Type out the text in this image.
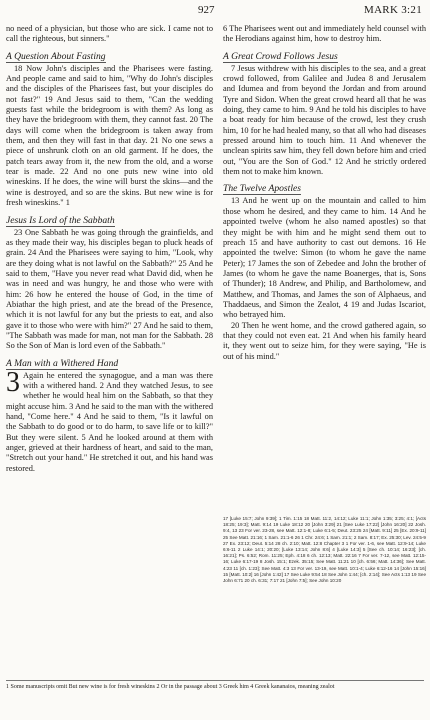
927	MARK 3:21

no need of a physician, but those who are sick. I came not to call the righteous, but sinners."

A Question About Fasting

18 Now John's disciples and the Pharisees were fasting. And people came and said to him, "Why do John's disciples and the disciples of the Pharisees fast, but your disciples do not fast?" 19 And Jesus said to them, "Can the wedding guests fast while the bridegroom is with them? As long as they have the bridegroom with them, they cannot fast. 20 The days will come when the bridegroom is taken away from them, and then they will fast in that day. 21 No one sews a piece of unshrunk cloth on an old garment. If he does, the patch tears away from it, the new from the old, and a worse tear is made. 22 And no one puts new wine into old wineskins. If he does, the wine will burst the skins—and the wine is destroyed, and so are the skins. But new wine is for fresh wineskins." 1

Jesus Is Lord of the Sabbath

23 One Sabbath he was going through the grainfields, and as they made their way, his disciples began to pluck heads of grain. 24 And the Pharisees were saying to him, "Look, why are they doing what is not lawful on the Sabbath?" 25 And he said to them, "Have you never read what David did, when he was in need and was hungry, he and those who were with him: 26 how he entered the house of God, in the time of Abiathar the high priest, and ate the bread of the Presence, which it is not lawful for any but the priests to eat, and also gave it to those who were with him?" 27 And he said to them, "The Sabbath was made for man, not man for the Sabbath. 28 So the Son of Man is lord even of the Sabbath."

A Man with a Withered Hand

3 Again he entered the synagogue, and a man was there with a withered hand. 2 And they watched Jesus, to see whether he would heal him on the Sabbath, so that they might accuse him. 3 And he said to the man with the withered hand, "Come here." 4 And he said to them, "Is it lawful on the Sabbath to do good or to do harm, to save life or to kill?" But they were silent. 5 And he looked around at them with anger, grieved at their hardness of heart, and said to the man, "Stretch out your hand." He stretched it out, and his hand was restored.

6 The Pharisees went out and immediately held counsel with the Herodians against him, how to destroy him.

A Great Crowd Follows Jesus

7 Jesus withdrew with his disciples to the sea, and a great crowd followed, from Galilee and Judea 8 and Jerusalem and Idumea and from beyond the Jordan and from around Tyre and Sidon. When the great crowd heard all that he was doing, they came to him. 9 And he told his disciples to have a boat ready for him because of the crowd, lest they crush him, 10 for he had healed many, so that all who had diseases pressed around him to touch him. 11 And whenever the unclean spirits saw him, they fell down before him and cried out, "You are the Son of God." 12 And he strictly ordered them not to make him known.

The Twelve Apostles

13 And he went up on the mountain and called to him those whom he desired, and they came to him. 14 And he appointed twelve (whom he also named apostles) so that they might be with him and he might send them out to preach 15 and have authority to cast out demons. 16 He appointed the twelve: Simon (to whom he gave the name Peter); 17 James the son of Zebedee and John the brother of James (to whom he gave the name Boanerges, that is, Sons of Thunder); 18 Andrew, and Philip, and Bartholomew, and Matthew, and Thomas, and James the son of Alphaeus, and Thaddaeus, and Simon the Zealot, 4 19 and Judas Iscariot, who betrayed him.

20 Then he went home, and the crowd gathered again, so that they could not even eat. 21 And when his family heard it, they went out to seize him, for they were saying, "He is out of his mind."

17 [Luke 15:7; John 9:39]; 1 Tim. 1:15 18 Matt. 11:2, 14:12; Luke 11:1; John 1:35; 3:25; 4:1; [Acts 18:25; 19:3]; Matt. 9:14 19 Luke 18:12 20 [John 3:29] 21 [See Luke 17:22] [John 16:20] 22 Josh. 9:4, 13 23 For ver. 23-28, see Matt. 12:1-8; Luke 6:1-5; Deut. 23:25 24 [Matt. 9:11] 25 [Ex. 20:9-11] 25 See Matt. 21:16; 1 Sam. 21:1-6 26 1 Chr. 24:6; 1 Sam. 21:1; 2 Sam. 8:17; Ex. 25:30; Lev. 24:5-9 27 Ex. 23:12; Deut. 5:14 28 ch. 2:10; Matt. 12:8 Chapter 3 1 For ver. 1-6, see Matt. 12:9-14; Luke 6:6-11 2 Luke 14:1; 20:20; [Luke 13:14; John 8:6] 4 [Luke 14:3] 5 [See ch. 10:14; 16:23]; [ch. 16:21]; Ps. 6:52; Rom. 11:25; Eph. 4:18 6 ch. 12:13; Matt. 22:16 7 For ver. 7-12, see Matt. 12:15-16; Luke 6:17-19 8 Josh. 15:1; Ezek. 35:15; See Matt. 11:21 10 [ch. 6:56; Matt. 14:36]; See Matt. 4:23 11 [ch. 1:23]; See Matt. 4:3 13 For ver. 13-19, see Matt. 10:1-4; Luke 6:12-16 14 [John 15:16] 15 [Matt. 10:2] 16 [John 1:42] 17 See Luke 9:54 18 See John 1:44; [ch. 2:14]; See Acts 1:13 19 See John 6:71 20 ch. 6:31; 7:17 21 [John 7:5]; See John 10:20
1 Some manuscripts omit But new wine is for fresh wineskins 2 Or in the passage about 3 Greek him 4 Greek kananaios, meaning zealot
